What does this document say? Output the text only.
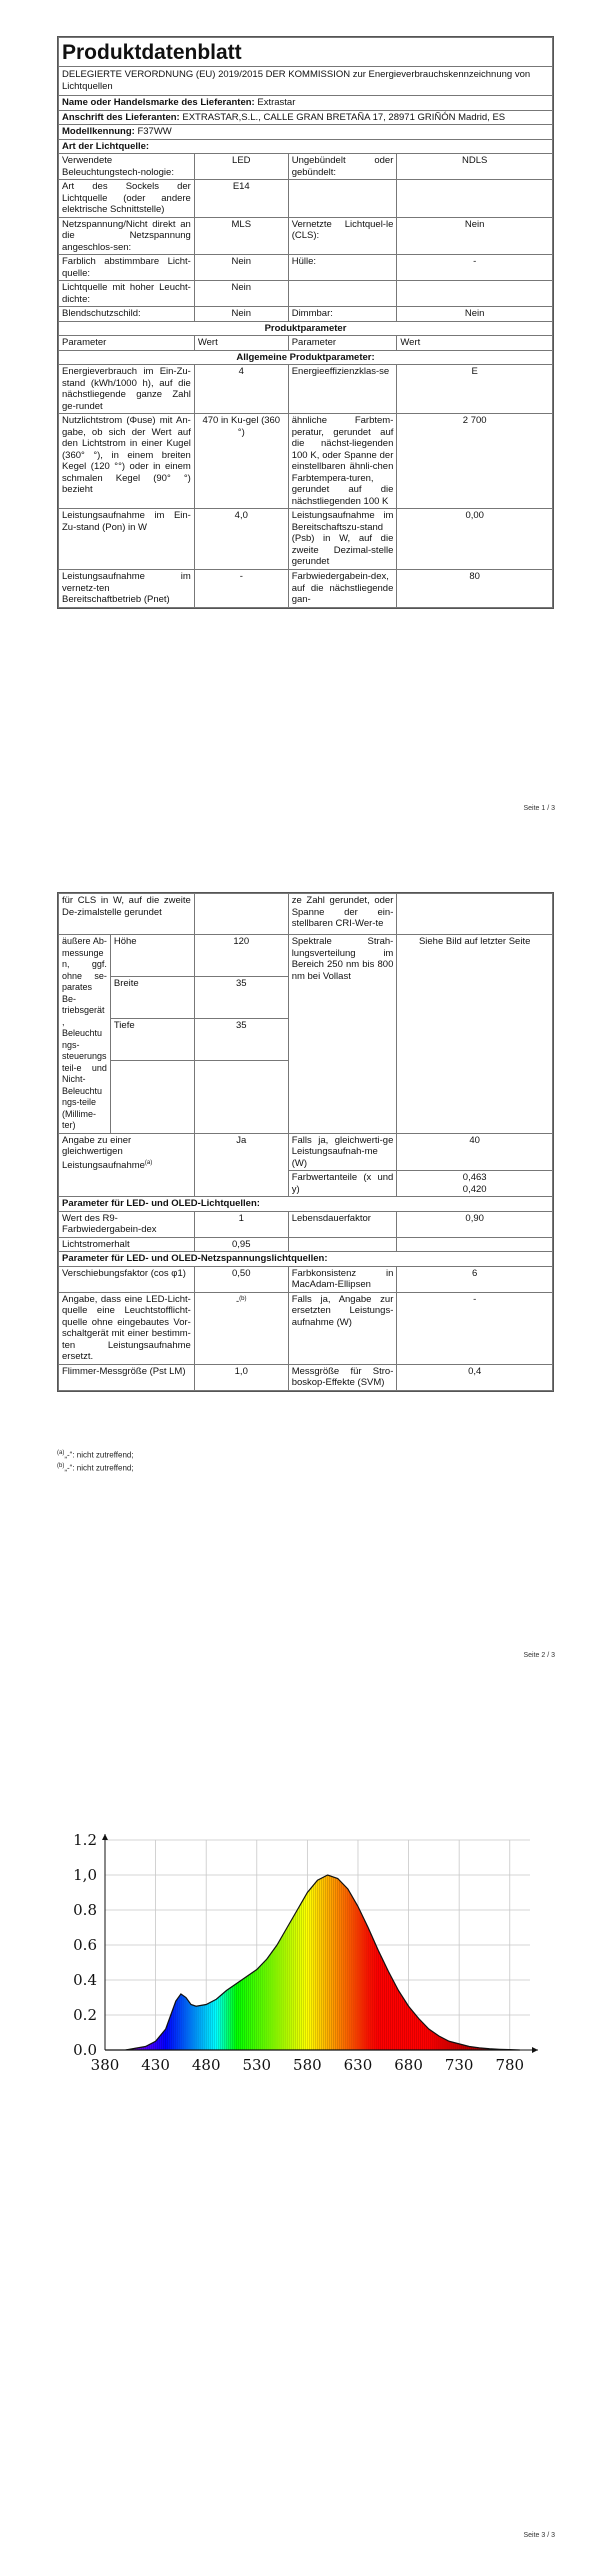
Produktdatenblatt			
DELEGIERTE VERORDNUNG (EU) 2019/2015 DER KOMMISSION zur Energieverbrauchskennzeichnung von Lichtquellen			
Name oder Handelsmarke des Lieferanten: Extrastar			
Anschrift des Lieferanten: EXTRASTAR,S.L., CALLE GRAN BRETAÑA 17, 28971 GRIÑÓN Madrid, ES			
Modellkennung: F37WW			
Art der Lichtquelle:			
Verwendete Beleuchtungstech-nologie:	LED	Ungebündelt oder gebündelt:	NDLS
Art des Sockels der Lichtquelle (oder andere elektrische Schnittstelle)	E14		
Netzspannung/Nicht direkt an die Netzspannung angeschlos-sen:	MLS	Vernetzte Lichtquel-le (CLS):	Nein
Farblich abstimmbare Licht-quelle:	Nein	Hülle:	-
Lichtquelle mit hoher Leucht-dichte:	Nein		
Blendschutzschild:	Nein	Dimmbar:	Nein
Produktparameter			
Parameter	Wert	Parameter	Wert
Allgemeine Produktparameter:			
Energieverbrauch im Ein-Zu-stand (kWh/1000 h), auf die nächstliegende ganze Zahl ge-rundet	4	Energieeffizienzklas-se	E
Nutzlichtstrom (Φuse) mit An-gabe, ob sich der Wert auf den Lichtstrom in einer Kugel (360° °), in einem breiten Kegel (120 °°) oder in einem schmalen Kegel (90° °) bezieht	470 in Ku-gel (360 °)	ähnliche Farbtem-peratur, gerundet auf die nächst-liegenden 100 K, oder Spanne der einstellbaren ähnli-chen Farbtempera-turen, gerundet auf die nächstliegenden 100 K	2 700
Leistungsaufnahme im Ein-Zu-stand (Pon) in W	4,0	Leistungsaufnahme im Bereitschaftszu-stand (Psb) in W, auf die zweite Dezimal-stelle gerundet	0,00
Leistungsaufnahme im vernetz-ten Bereitschaftbetrieb (Pnet)	-	Farbwiedergabein-dex, auf die nächstliegende gan-	80
Seite 1 / 3
für CLS in W, auf die zweite De-zimalstelle gerundet			ze Zahl gerundet, oder Spanne der ein-stellbaren CRI-Wer-te	
äußere Ab-messungen, ggf. ohne se-parates Be-triebsgerät, Beleuchtungs-steuerungsteil-e und Nicht-Beleuchtungs-teile (Millime-ter)	Höhe	120	Spektrale Strah-lungsverteilung im Bereich 250 nm bis 800 nm bei Vollast	Siehe Bild auf letzter Seite
	Breite	35		
	Tiefe	35		

Angabe zu einer gleichwertigen Leistungsaufnahme$^{(a)}$		Ja	Falls ja, gleichwerti-ge Leistungsaufnah-me (W)	40
			Farbwertanteile (x und y)	0,463
0,420

Parameter für LED- und OLED-Lichtquellen:				
Wert des R9-Farbwiedergabein-dex		1	Lebensdauerfaktor	0,90
Lichtstromerhalt		0,95		
Parameter für LED- und OLED-Netzspannungslichtquellen:				
Verschiebungsfaktor (cos φ1)		0,50	Farbkonsistenz in MacAdam-Ellipsen	6
Angabe, dass eine LED-Licht-quelle eine Leuchtstofflicht-quelle ohne eingebautes Vor-schaltgerät mit einer bestimm-ten Leistungsaufnahme ersetzt.		-$^{(b)}$	Falls ja, Angabe zur ersetzten Leistungs-aufnahme (W)	-
Flimmer-Messgröße (Pst LM)		1,0	Messgröße für Stro-boskop-Effekte (SVM)	0,4
$^{(a)}$„-“: nicht zutreffend;
$^{(b)}$„-“: nicht zutreffend;
Seite 2 / 3
380 430 480 530 580 630 680 730 780
0.0
0.2
0.4
0.6
0.8
1,0
1.2
Seite 3 / 3
